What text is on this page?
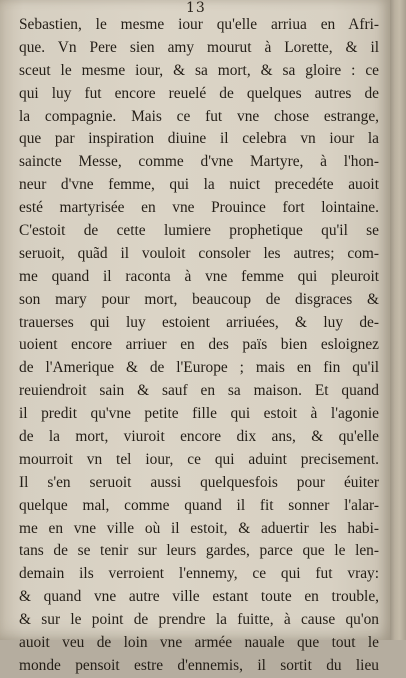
13
Sebastien, le mesme iour qu'elle arriua en Afri-
que. Vn Pere sien amy mourut à Lorette, & il
sceut le mesme iour, & sa mort, & sa gloire : ce
qui luy fut encore reuelé de quelques autres de
la compagnie. Mais ce fut vne chose estrange,
que par inspiration diuine il celebra vn iour la
saincte Messe, comme d'vne Martyre, à l'hon-
neur d'vne femme, qui la nuict precedéte auoit
esté martyrisée en vne Prouince fort lointaine.
C'estoit de cette lumiere prophetique qu'il se
seruoit, quãd il vouloit consoler les autres; com-
me quand il raconta à vne femme qui pleuroit
son mary pour mort, beaucoup de disgraces &
trauerses qui luy estoient arriuées, & luy de-
uoient encore arriuer en des païs bien esloignez
de l'Amerique & de l'Europe ; mais en fin qu'il
reuiendroit sain & sauf en sa maison. Et quand
il predit qu'vne petite fille qui estoit à l'agonie
de la mort, viuroit encore dix ans, & qu'elle
mourroit vn tel iour, ce qui aduint precisement.
Il s'en seruoit aussi quelquesfois pour éuiter
quelque mal, comme quand il fit sonner l'alar-
me en vne ville où il estoit, & aduertir les habi-
tans de se tenir sur leurs gardes, parce que le len-
demain ils verroient l'ennemy, ce qui fut vray:
& quand vne autre ville estant toute en trouble,
& sur le point de prendre la fuitte, à cause qu'on
auoit veu de loin vne armée nauale que tout le
monde pensoit estre d'ennemis, il sortit du lieu
